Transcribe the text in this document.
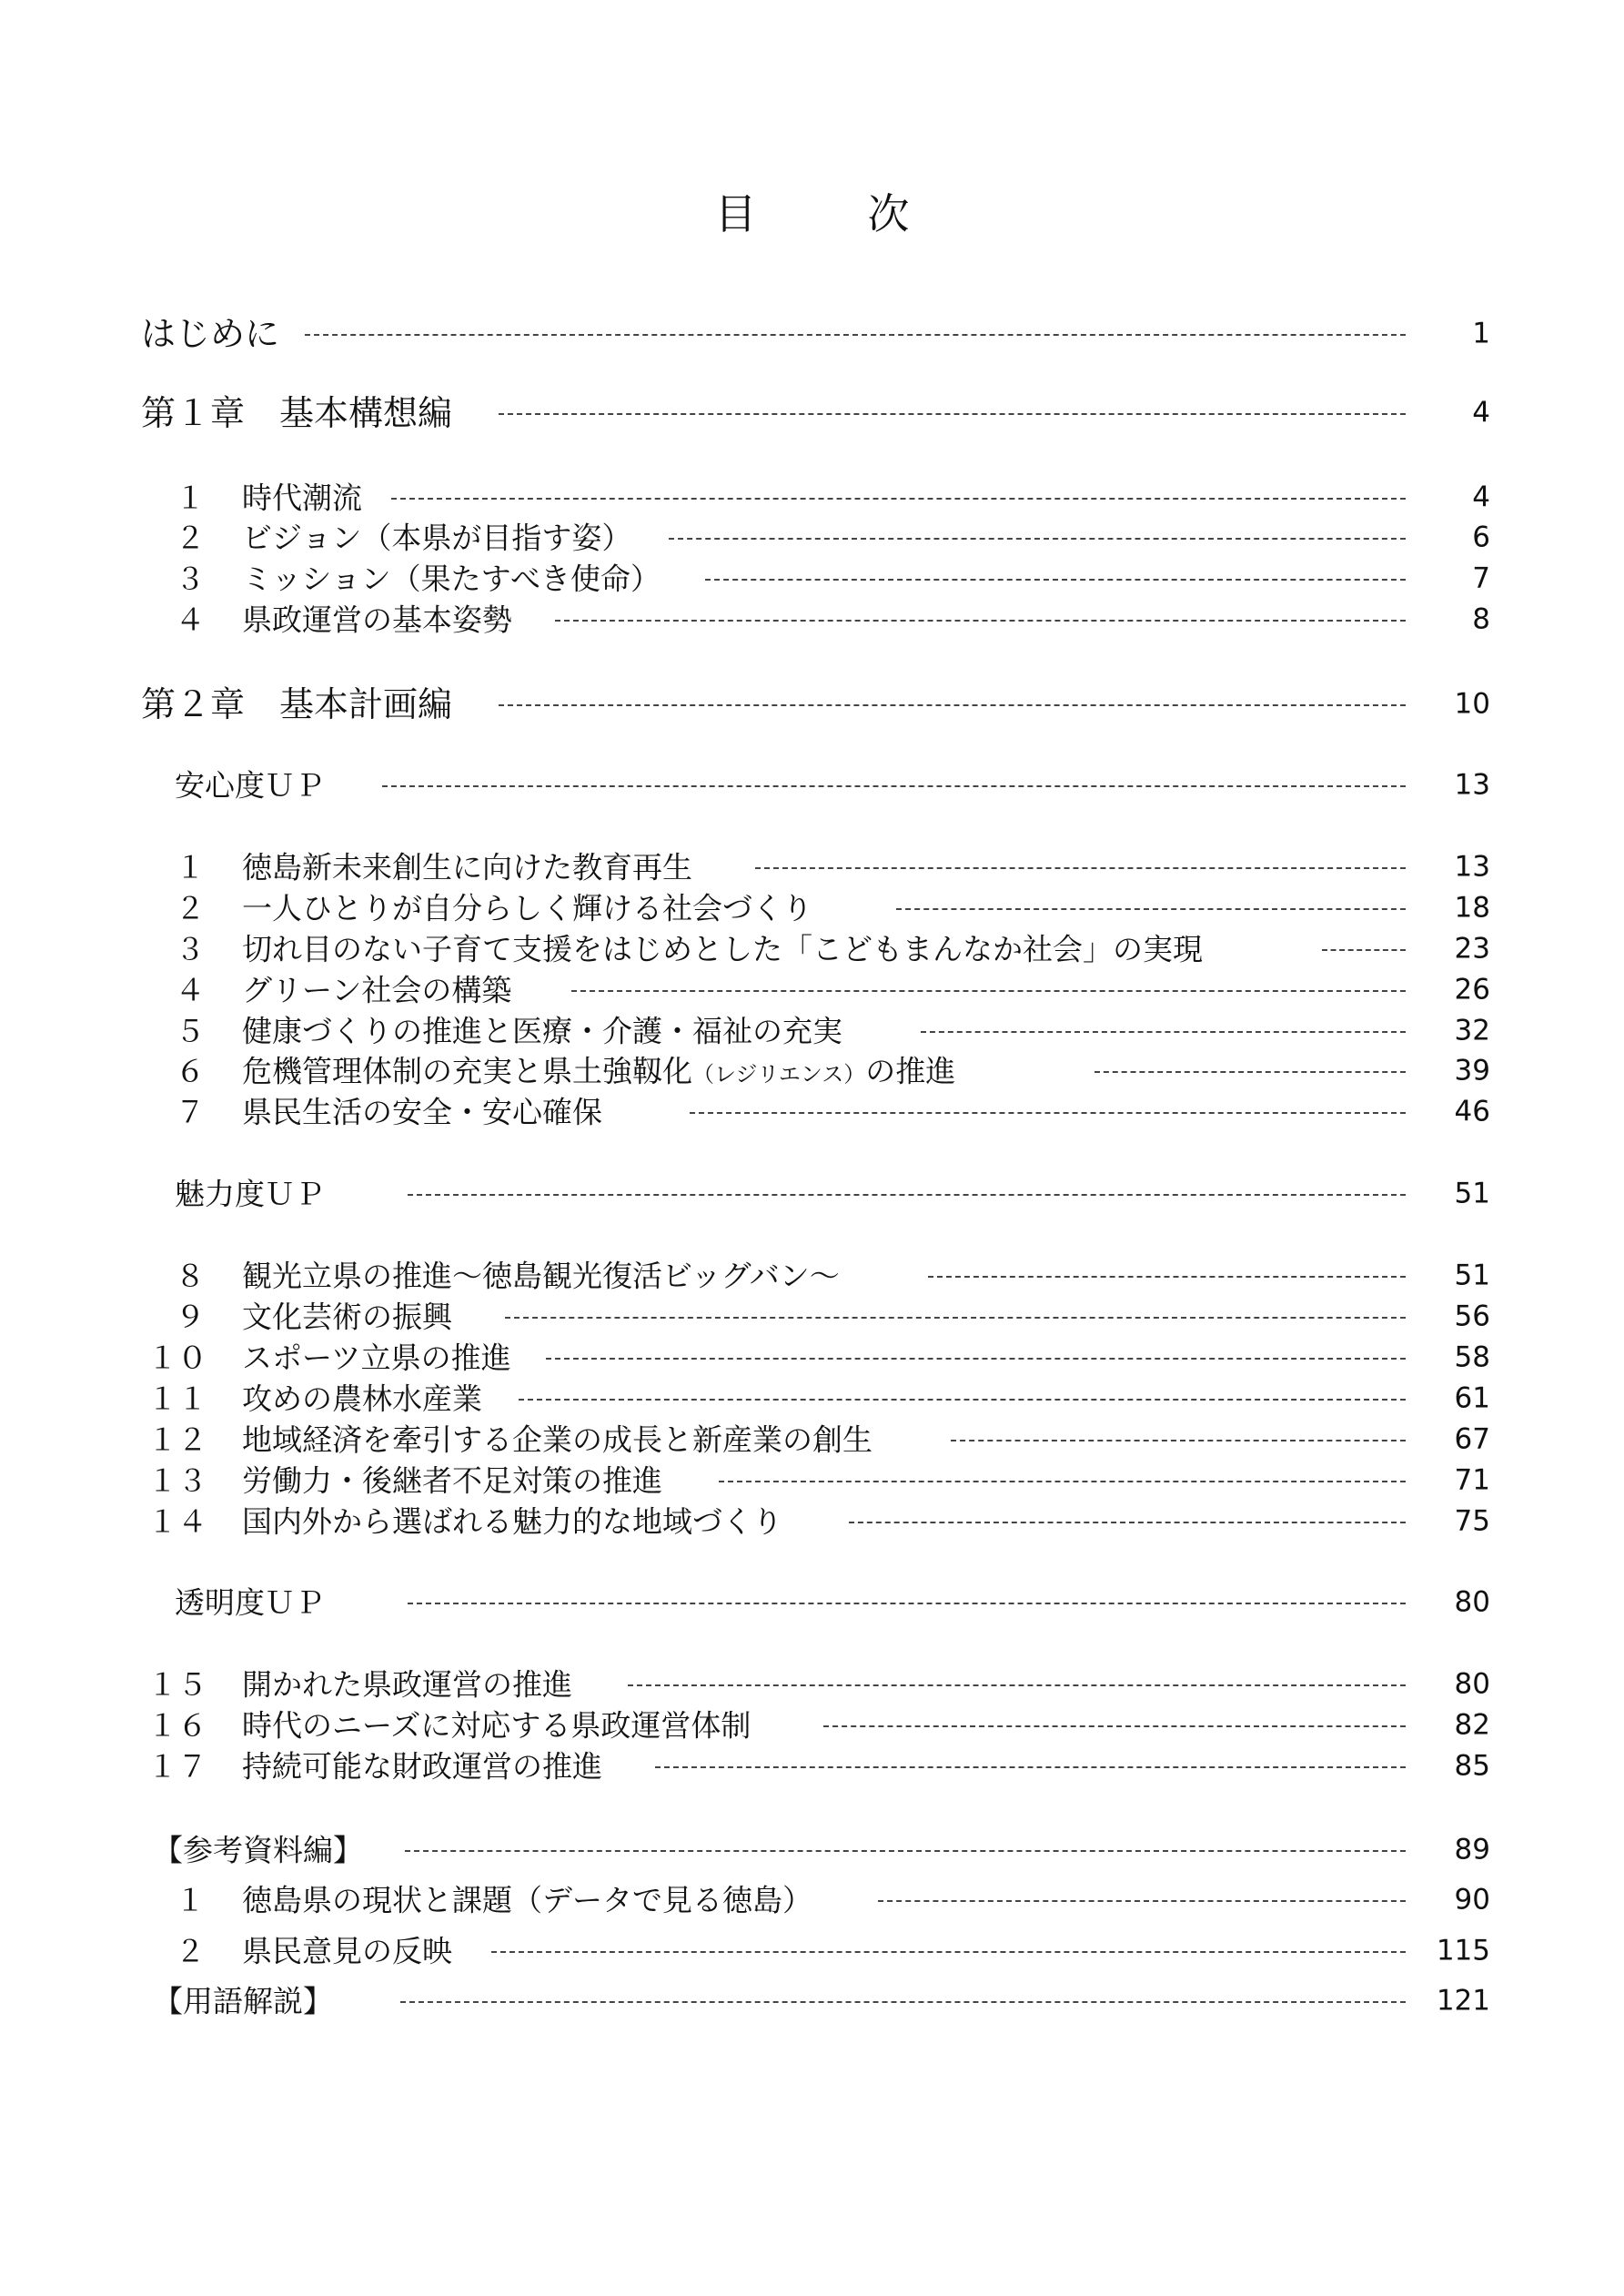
目　次
はじめに	1
第１章　基本構想編	4
１	時代潮流	4
２	ビジョン（本県が目指す姿）	6
３	ミッション（果たすべき使命）	7
４	県政運営の基本姿勢	8
第２章　基本計画編	10
安心度ＵＰ	13
１	徳島新未来創生に向けた教育再生	13
２	一人ひとりが自分らしく輝ける社会づくり	18
３	切れ目のない子育て支援をはじめとした「こどもまんなか社会」の実現	23
４	グリーン社会の構築	26
５	健康づくりの推進と医療・介護・福祉の充実	32
６	危機管理体制の充実と県土強靱化（レジリエンス）の推進	39
７	県民生活の安全・安心確保	46
魅力度ＵＰ	51
８	観光立県の推進～徳島観光復活ビッグバン～	51
９	文化芸術の振興	56
１０	スポーツ立県の推進	58
１１	攻めの農林水産業	61
１２	地域経済を牽引する企業の成長と新産業の創生	67
１３	労働力・後継者不足対策の推進	71
１４	国内外から選ばれる魅力的な地域づくり	75
透明度ＵＰ	80
１５	開かれた県政運営の推進	80
１６	時代のニーズに対応する県政運営体制	82
１７	持続可能な財政運営の推進	85
【参考資料編】	89
１	徳島県の現状と課題（データで見る徳島）	90
２	県民意見の反映	115
【用語解説】	121
